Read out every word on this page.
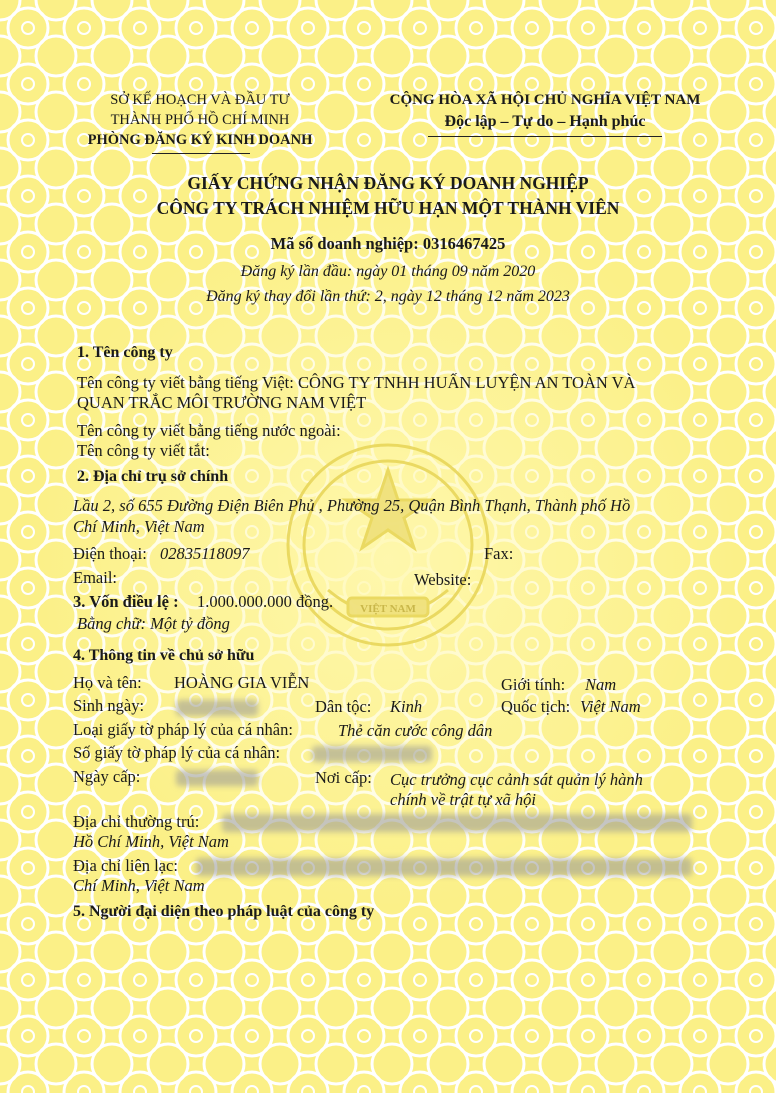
VIỆT NAM
SỞ KẾ HOẠCH VÀ ĐẦU TƯ
THÀNH PHỐ HỒ CHÍ MINH
PHÒNG ĐĂNG KÝ KINH DOANH
CỘNG HÒA XÃ HỘI CHỦ NGHĨA VIỆT NAM
Độc lập – Tự do – Hạnh phúc
GIẤY CHỨNG NHẬN ĐĂNG KÝ DOANH NGHIỆP
CÔNG TY TRÁCH NHIỆM HỮU HẠN MỘT THÀNH VIÊN
Mã số doanh nghiệp: 0316467425
Đăng ký lần đầu: ngày 01 tháng 09 năm 2020
Đăng ký thay đổi lần thứ: 2, ngày 12 tháng 12 năm 2023
1. Tên công ty
Tên công ty viết bằng tiếng Việt: CÔNG TY TNHH HUẤN LUYỆN AN TOÀN VÀ
QUAN TRẮC MÔI TRƯỜNG NAM VIỆT
Tên công ty viết bằng tiếng nước ngoài:
Tên công ty viết tắt:
2. Địa chỉ trụ sở chính
Lầu 2, số 655 Đường Điện Biên Phủ , Phường 25, Quận Bình Thạnh, Thành phố Hồ
Chí Minh, Việt Nam
Điện thoại: 02835118097	Fax:
Email:	Website:
3. Vốn điều lệ : 1.000.000.000 đồng.
Bằng chữ: Một tỷ đồng
4. Thông tin về chủ sở hữu
Họ và tên: HOÀNG GIA VIỄN	Giới tính: Nam
Sinh ngày:	Dân tộc: Kinh	Quốc tịch: Việt Nam
Loại giấy tờ pháp lý của cá nhân:	Thẻ căn cước công dân
Số giấy tờ pháp lý của cá nhân:
Ngày cấp:	Nơi cấp: Cục trưởng cục cảnh sát quản lý hành
chính về trật tự xã hội
Địa chỉ thường trú:
Hồ Chí Minh, Việt Nam
Địa chỉ liên lạc:
Chí Minh, Việt Nam
5. Người đại diện theo pháp luật của công ty
